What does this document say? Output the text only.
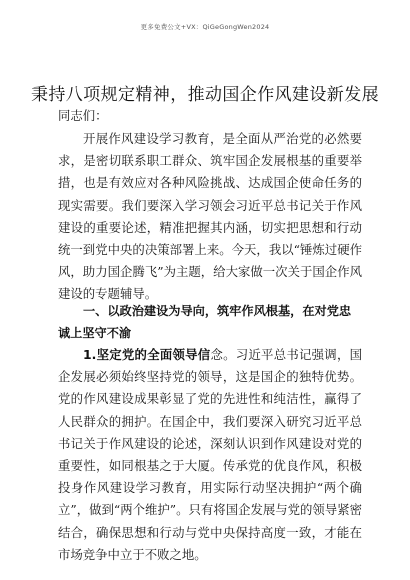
更多免费公文+VX：QiGeGongWen2024
秉持八项规定精神，推动国企作风建设新发展
同志们：
开展作风建设学习教育，是全面从严治党的必然要求，是密切联系职工群众、筑牢国企发展根基的重要举措，也是有效应对各种风险挑战、达成国企使命任务的现实需要。我们要深入学习领会习近平总书记关于作风建设的重要论述，精准把握其内涵，切实把思想和行动统一到党中央的决策部署上来。今天，我以“锤炼过硬作风，助力国企腾飞”为主题，给大家做一次关于国企作风建设的专题辅导。
一、以政治建设为导向，筑牢作风根基，在对党忠诚上坚守不渝
1.坚定党的全面领导信念。习近平总书记强调，国企发展必须始终坚持党的领导，这是国企的独特优势。党的作风建设成果彰显了党的先进性和纯洁性，赢得了人民群众的拥护。在国企中，我们要深入研究习近平总书记关于作风建设的论述，深刻认识到作风建设对党的重要性，如同根基之于大厦。传承党的优良作风，积极投身作风建设学习教育，用实际行动坚决拥护“两个确立”，做到“两个维护”。只有将国企发展与党的领导紧密结合，确保思想和行动与党中央保持高度一致，才能在市场竞争中立于不败之地。
